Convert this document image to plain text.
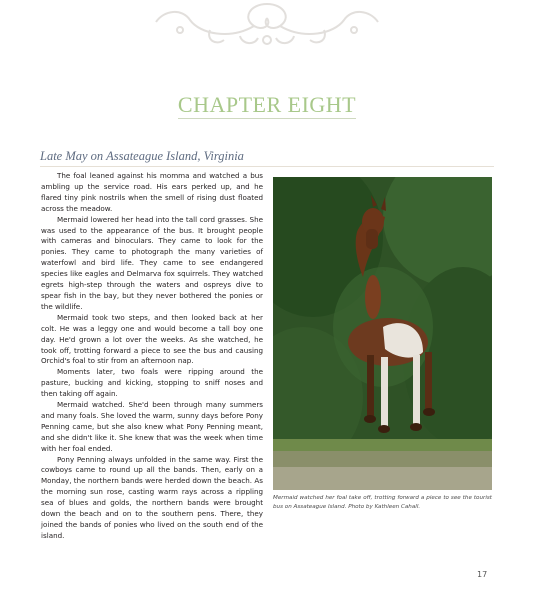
CHAPTER EIGHT
Late May on Assateague Island, Virginia

The foal leaned against his momma and watched a bus ambling up the service road. His ears perked up, and he flared tiny pink nostrils when the smell of rising dust floated across the meadow.

Mermaid lowered her head into the tall cord grasses. She was used to the appearance of the bus. It brought people with cameras and binoculars. They came to look for the ponies. They came to photograph the many varieties of waterfowl and bird life. They came to see endangered species like eagles and Delmarva fox squirrels. They watched egrets high-step through the waters and ospreys dive to spear fish in the bay, but they never bothered the ponies or the wildlife.

Mermaid took two steps, and then looked back at her colt. He was a leggy one and would become a tall boy one day. He'd grown a lot over the weeks. As she watched, he took off, trotting forward a piece to see the bus and causing Orchid's foal to stir from an afternoon nap.

Moments later, two foals were ripping around the pasture, bucking and kicking, stopping to sniff noses and then taking off again.

Mermaid watched. She'd been through many summers and many foals. She loved the warm, sunny days before Pony Penning came, but she also knew what Pony Penning meant, and she didn't like it. She knew that was the week when time with her foal ended.

Pony Penning always unfolded in the same way. First the cowboys came to round up all the bands. Then, early on a Monday, the northern bands were herded down the beach. As the morning sun rose, casting warm rays across a rippling sea of blues and golds, the northern bands were brought down the beach and on to the southern pens. There, they joined the bands of ponies who lived on the south end of the island.

Mermaid watched her foal take off, trotting forward a piece to see the tourist bus on Assateague Island. Photo by Kathleen Cahall.
17
